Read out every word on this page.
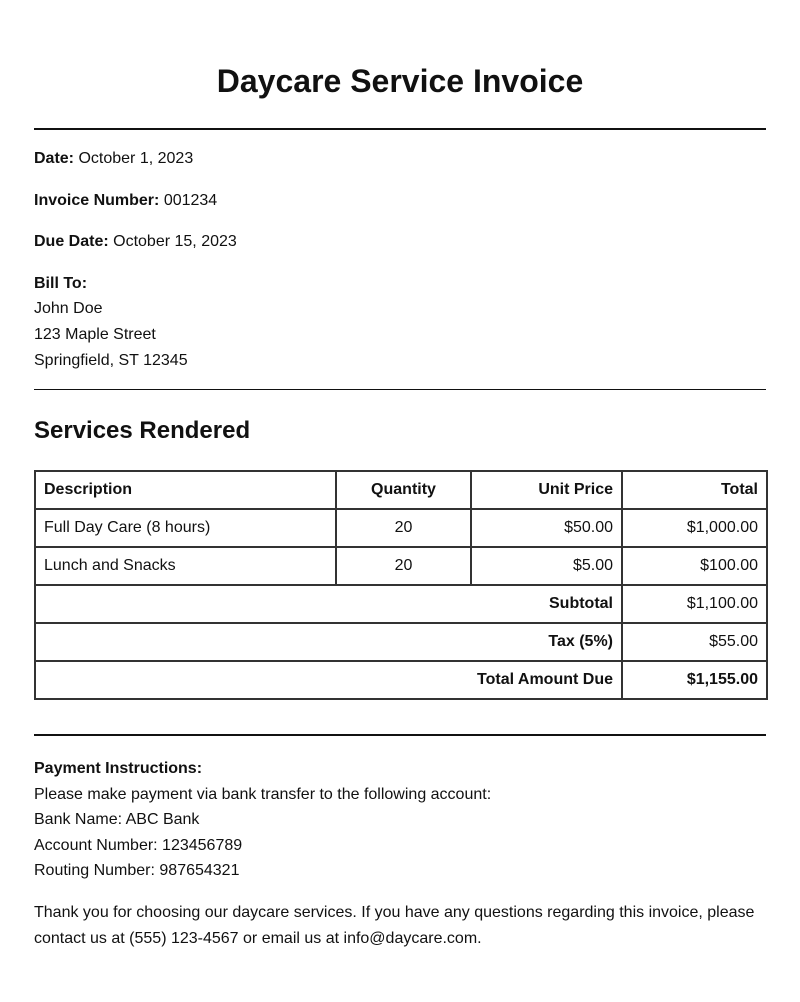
Daycare Service Invoice
Date: October 1, 2023
Invoice Number: 001234
Due Date: October 15, 2023
Bill To:
John Doe
123 Maple Street
Springfield, ST 12345
Services Rendered
Description	Quantity	Unit Price	Total
Full Day Care (8 hours)	20	$50.00	$1,000.00
Lunch and Snacks	20	$5.00	$100.00
Subtotal			$1,100.00
Tax (5%)			$55.00
Total Amount Due			$1,155.00
Payment Instructions:
Please make payment via bank transfer to the following account:
Bank Name: ABC Bank
Account Number: 123456789
Routing Number: 987654321
Thank you for choosing our daycare services. If you have any questions regarding this invoice, please contact us at (555) 123-4567 or email us at info@daycare.com.
